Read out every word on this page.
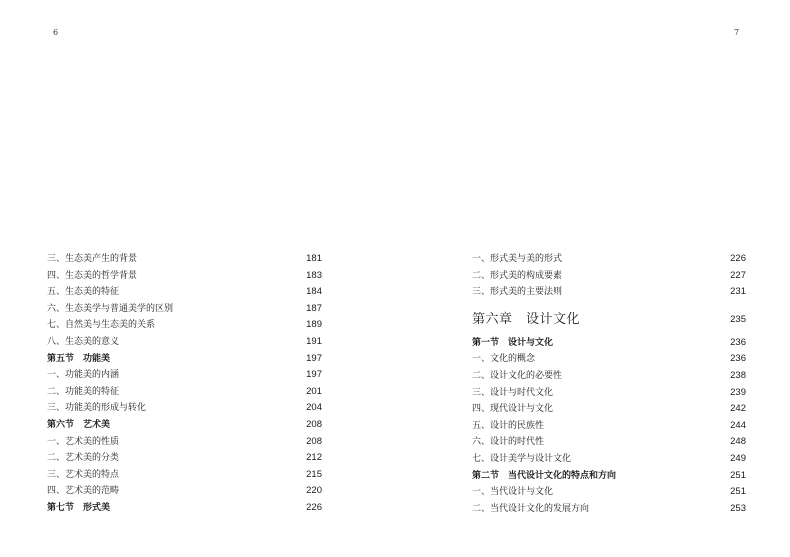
6	7
三、生态美产生的背景	181
四、生态美的哲学背景	183
五、生态美的特征	184
六、生态美学与普通美学的区别	187
七、自然美与生态美的关系	189
八、生态美的意义	191
第五节　功能美	197
一、功能美的内涵	197
二、功能美的特征	201
三、功能美的形成与转化	204
第六节　艺术美	208
一、艺术美的性质	208
二、艺术美的分类	212
三、艺术美的特点	215
四、艺术美的范畴	220
第七节　形式美	226
一、形式美与美的形式	226
二、形式美的构成要素	227
三、形式美的主要法则	231
第六章　设计文化	235
第一节　设计与文化	236
一、文化的概念	236
二、设计文化的必要性	238
三、设计与时代文化	239
四、现代设计与文化	242
五、设计的民族性	244
六、设计的时代性	248
七、设计美学与设计文化	249
第二节　当代设计文化的特点和方向	251
一、当代设计与文化	251
二、当代设计文化的发展方向	253
